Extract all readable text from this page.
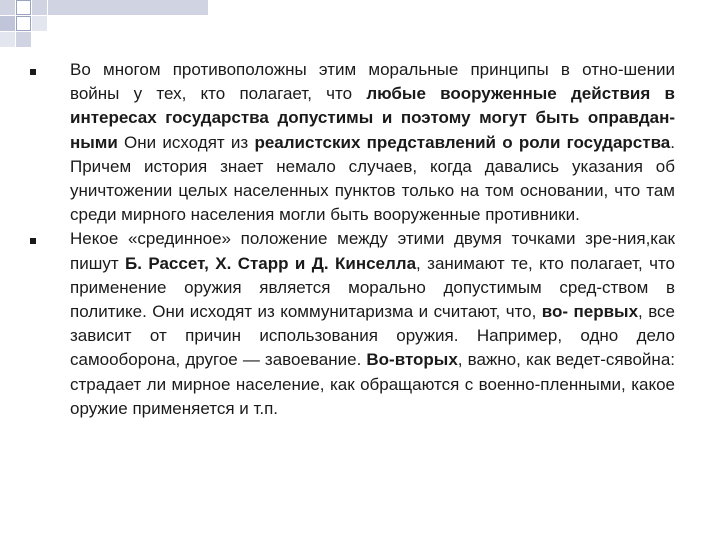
Во многом противоположны этим моральные принципы в отно-шении войны у тех, кто полагает, что любые вооруженные действия в интересах государства допустимы и поэтому могут быть оправдан-ными Они исходят из реалистских представлений о роли государства. Причем история знает немало случаев, когда давались указания об уничтожении целых населенных пунктов только на том основании, что там среди мирного населения могли быть вооруженные противники.

Некое «срединное» положение между этими двумя точками зре-ния,как пишут Б. Рассет, Х. Старр и Д. Кинселла, занимают те, кто полагает, что применение оружия является морально допустимым сред-ством в политике. Они исходят из коммунитаризма и считают, что, во- первых, все зависит от причин использования оружия. Например, одно дело самооборона, другое — завоевание. Во-вторых, важно, как ведет-сявойна: страдает ли мирное население, как обращаются с военно-пленными, какое оружие применяется и т.п.
